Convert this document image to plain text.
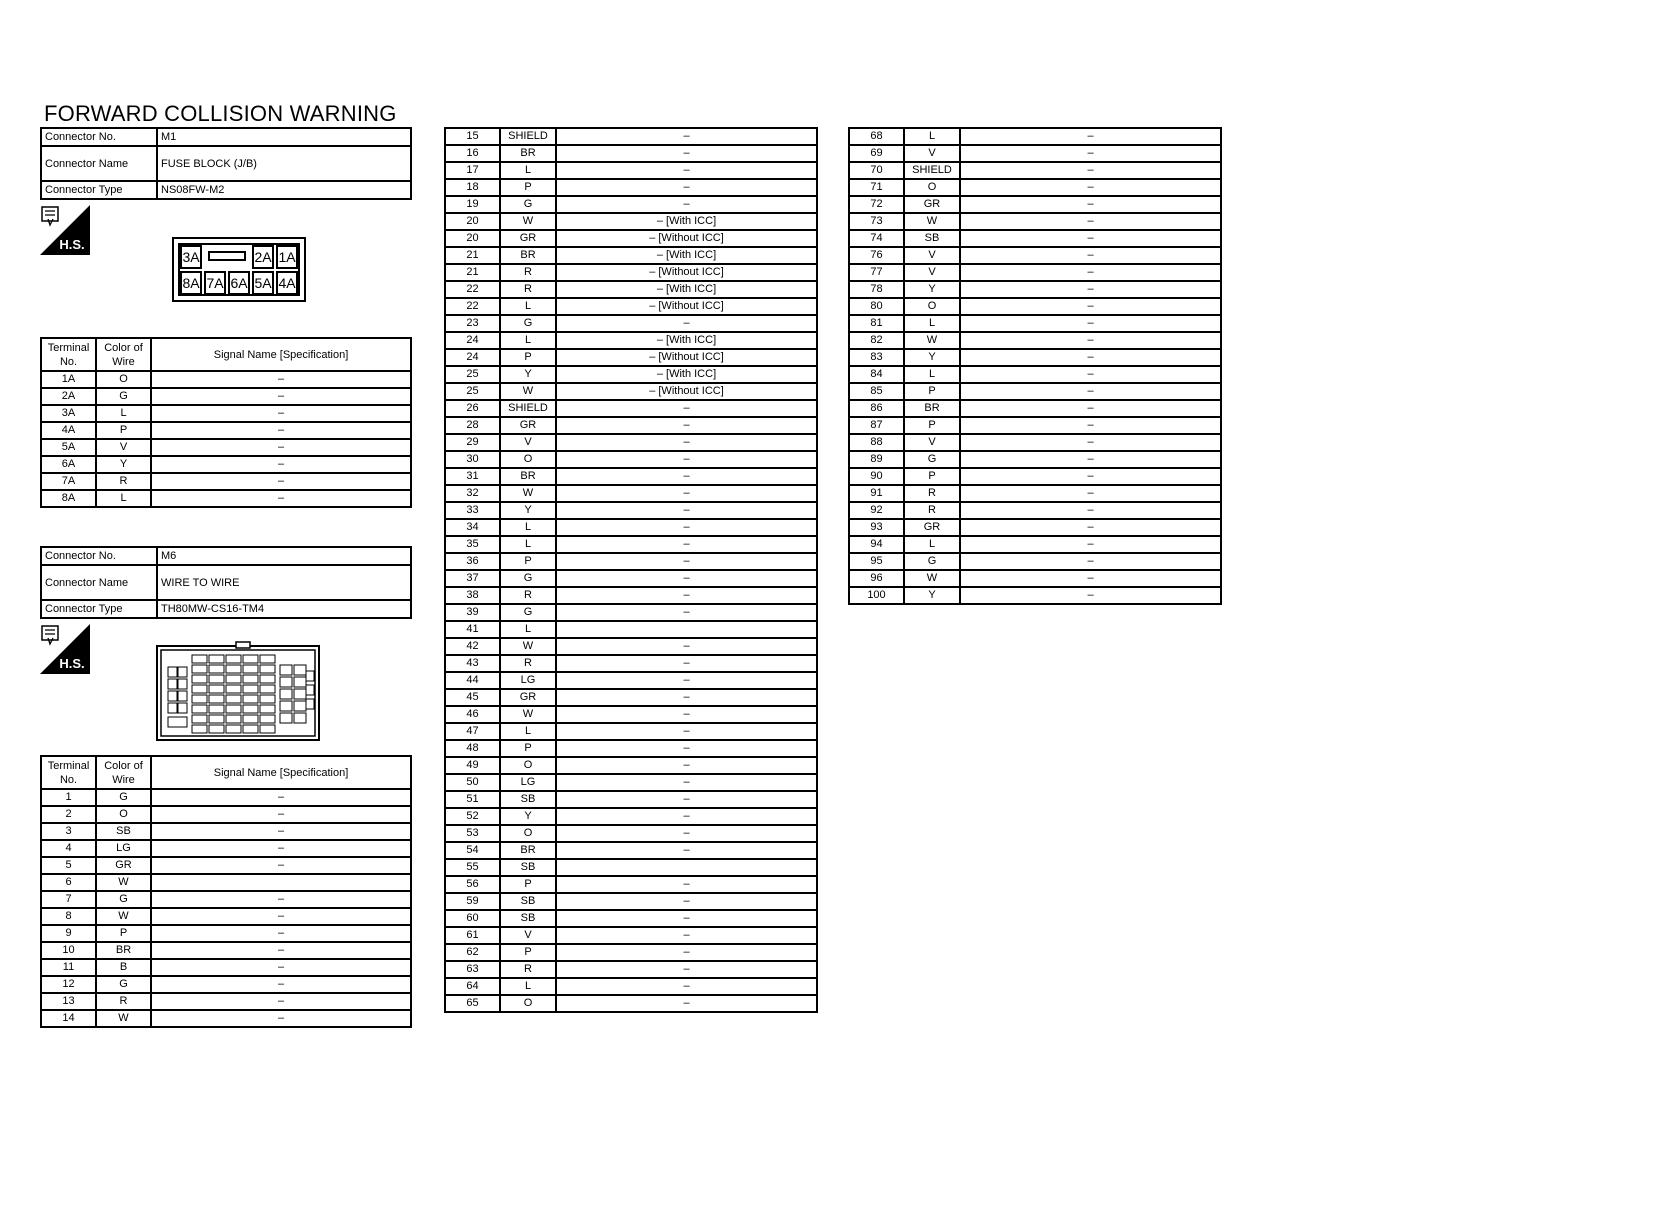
FORWARD COLLISION WARNING
Connector No.	M1
Connector Name	FUSE BLOCK (J/B)
Connector Type	NS08FW-M2
H.S.
3A	2A 1A
8A 7A 6A 5A 4A
Terminal No.	Color of Wire	Signal Name [Specification]
1A	O	–
2A	G	–
3A	L	–
4A	P	–
5A	V	–
6A	Y	–
7A	R	–
8A	L	–
Connector No.	M6
Connector Name	WIRE TO WIRE
Connector Type	TH80MW-CS16-TM4
H.S.
Terminal No.	Color of Wire	Signal Name [Specification]
1	G	–
2	O	–
3	SB	–
4	LG	–
5	GR	–
6	W	
7	G	–
8	W	–
9	P	–
10	BR	–
11	B	–
12	G	–
13	R	–
14	W	–
15	SHIELD	–
16	BR	–
17	L	–
18	P	–
19	G	–
20	W	– [With ICC]
20	GR	– [Without ICC]
21	BR	– [With ICC]
21	R	– [Without ICC]
22	R	– [With ICC]
22	L	– [Without ICC]
23	G	–
24	L	– [With ICC]
24	P	– [Without ICC]
25	Y	– [With ICC]
25	W	– [Without ICC]
26	SHIELD	–
28	GR	–
29	V	–
30	O	–
31	BR	–
32	W	–
33	Y	–
34	L	–
35	L	–
36	P	–
37	G	–
38	R	–
39	G	–
41	L	
42	W	–
43	R	–
44	LG	–
45	GR	–
46	W	–
47	L	–
48	P	–
49	O	–
50	LG	–
51	SB	–
52	Y	–
53	O	–
54	BR	–
55	SB	
56	P	–
59	SB	–
60	SB	–
61	V	–
62	P	–
63	R	–
64	L	–
65	O	–
68	L	–
69	V	–
70	SHIELD	–
71	O	–
72	GR	–
73	W	–
74	SB	–
76	V	–
77	V	–
78	Y	–
80	O	–
81	L	–
82	W	–
83	Y	–
84	L	–
85	P	–
86	BR	–
87	P	–
88	V	–
89	G	–
90	P	–
91	R	–
92	R	–
93	GR	–
94	L	–
95	G	–
96	W	–
100	Y	–
